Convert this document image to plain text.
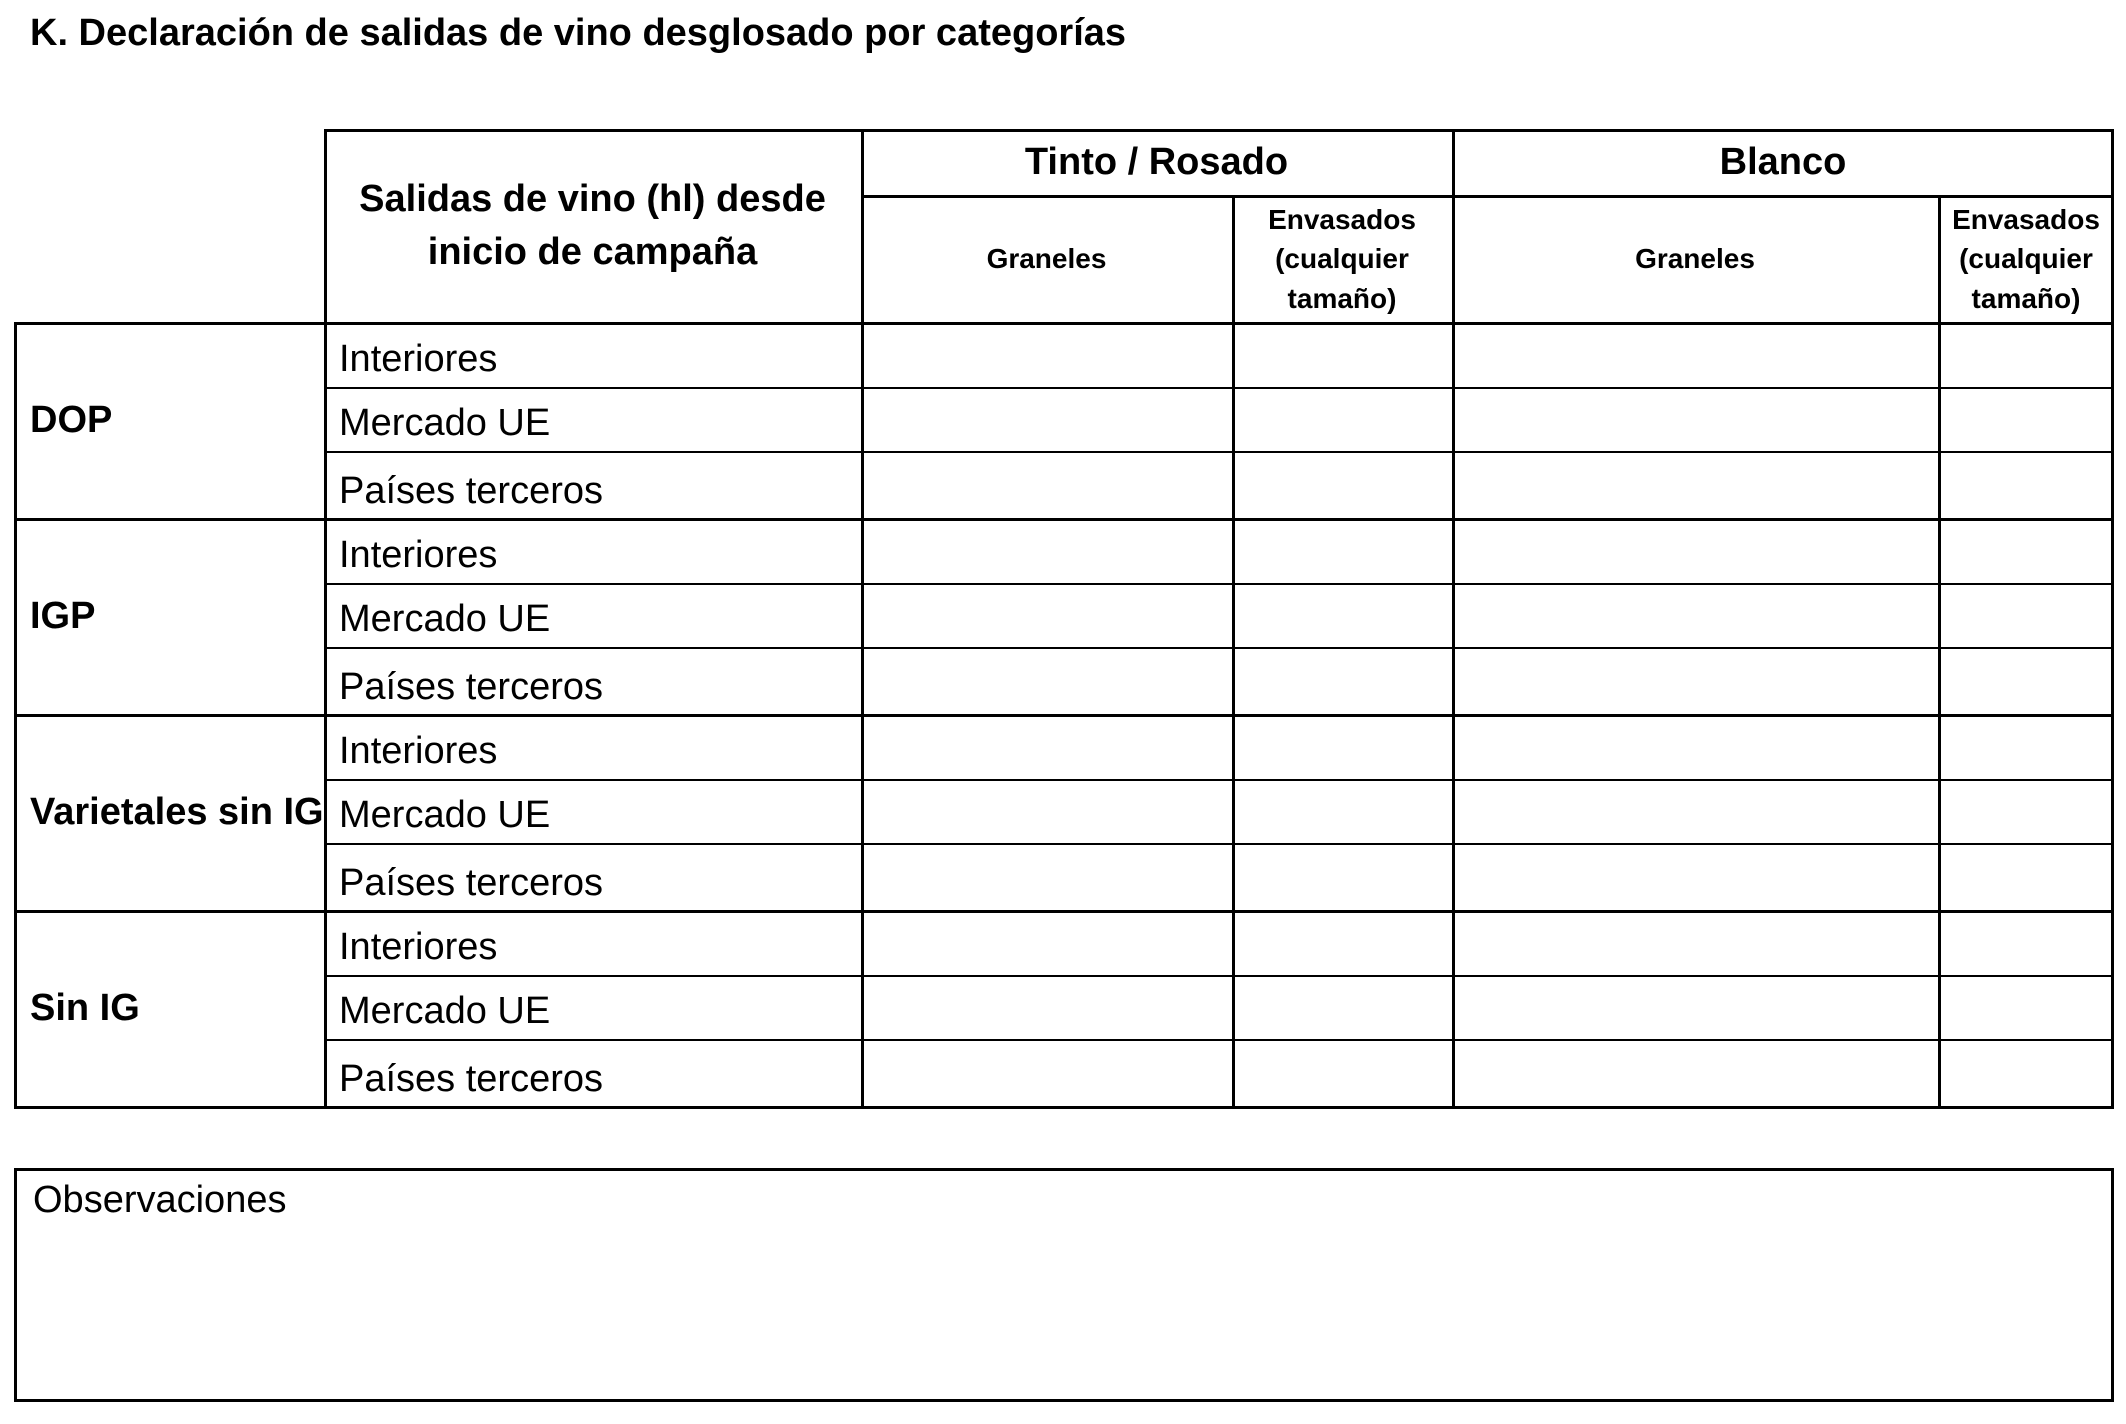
K. Declaración de salidas de vino desglosado por categorías
Salidas de vino (hl) desde inicio de campaña
Tinto / Rosado
Graneles
Envasados (cualquier tamaño)
Blanco
Graneles
Envasados (cualquier tamaño)
DOP
Interiores
Mercado UE
Países terceros
IGP
Interiores
Mercado UE
Países terceros
Varietales sin IG
Interiores
Mercado UE
Países terceros
Sin IG
Interiores
Mercado UE
Países terceros
Observaciones
